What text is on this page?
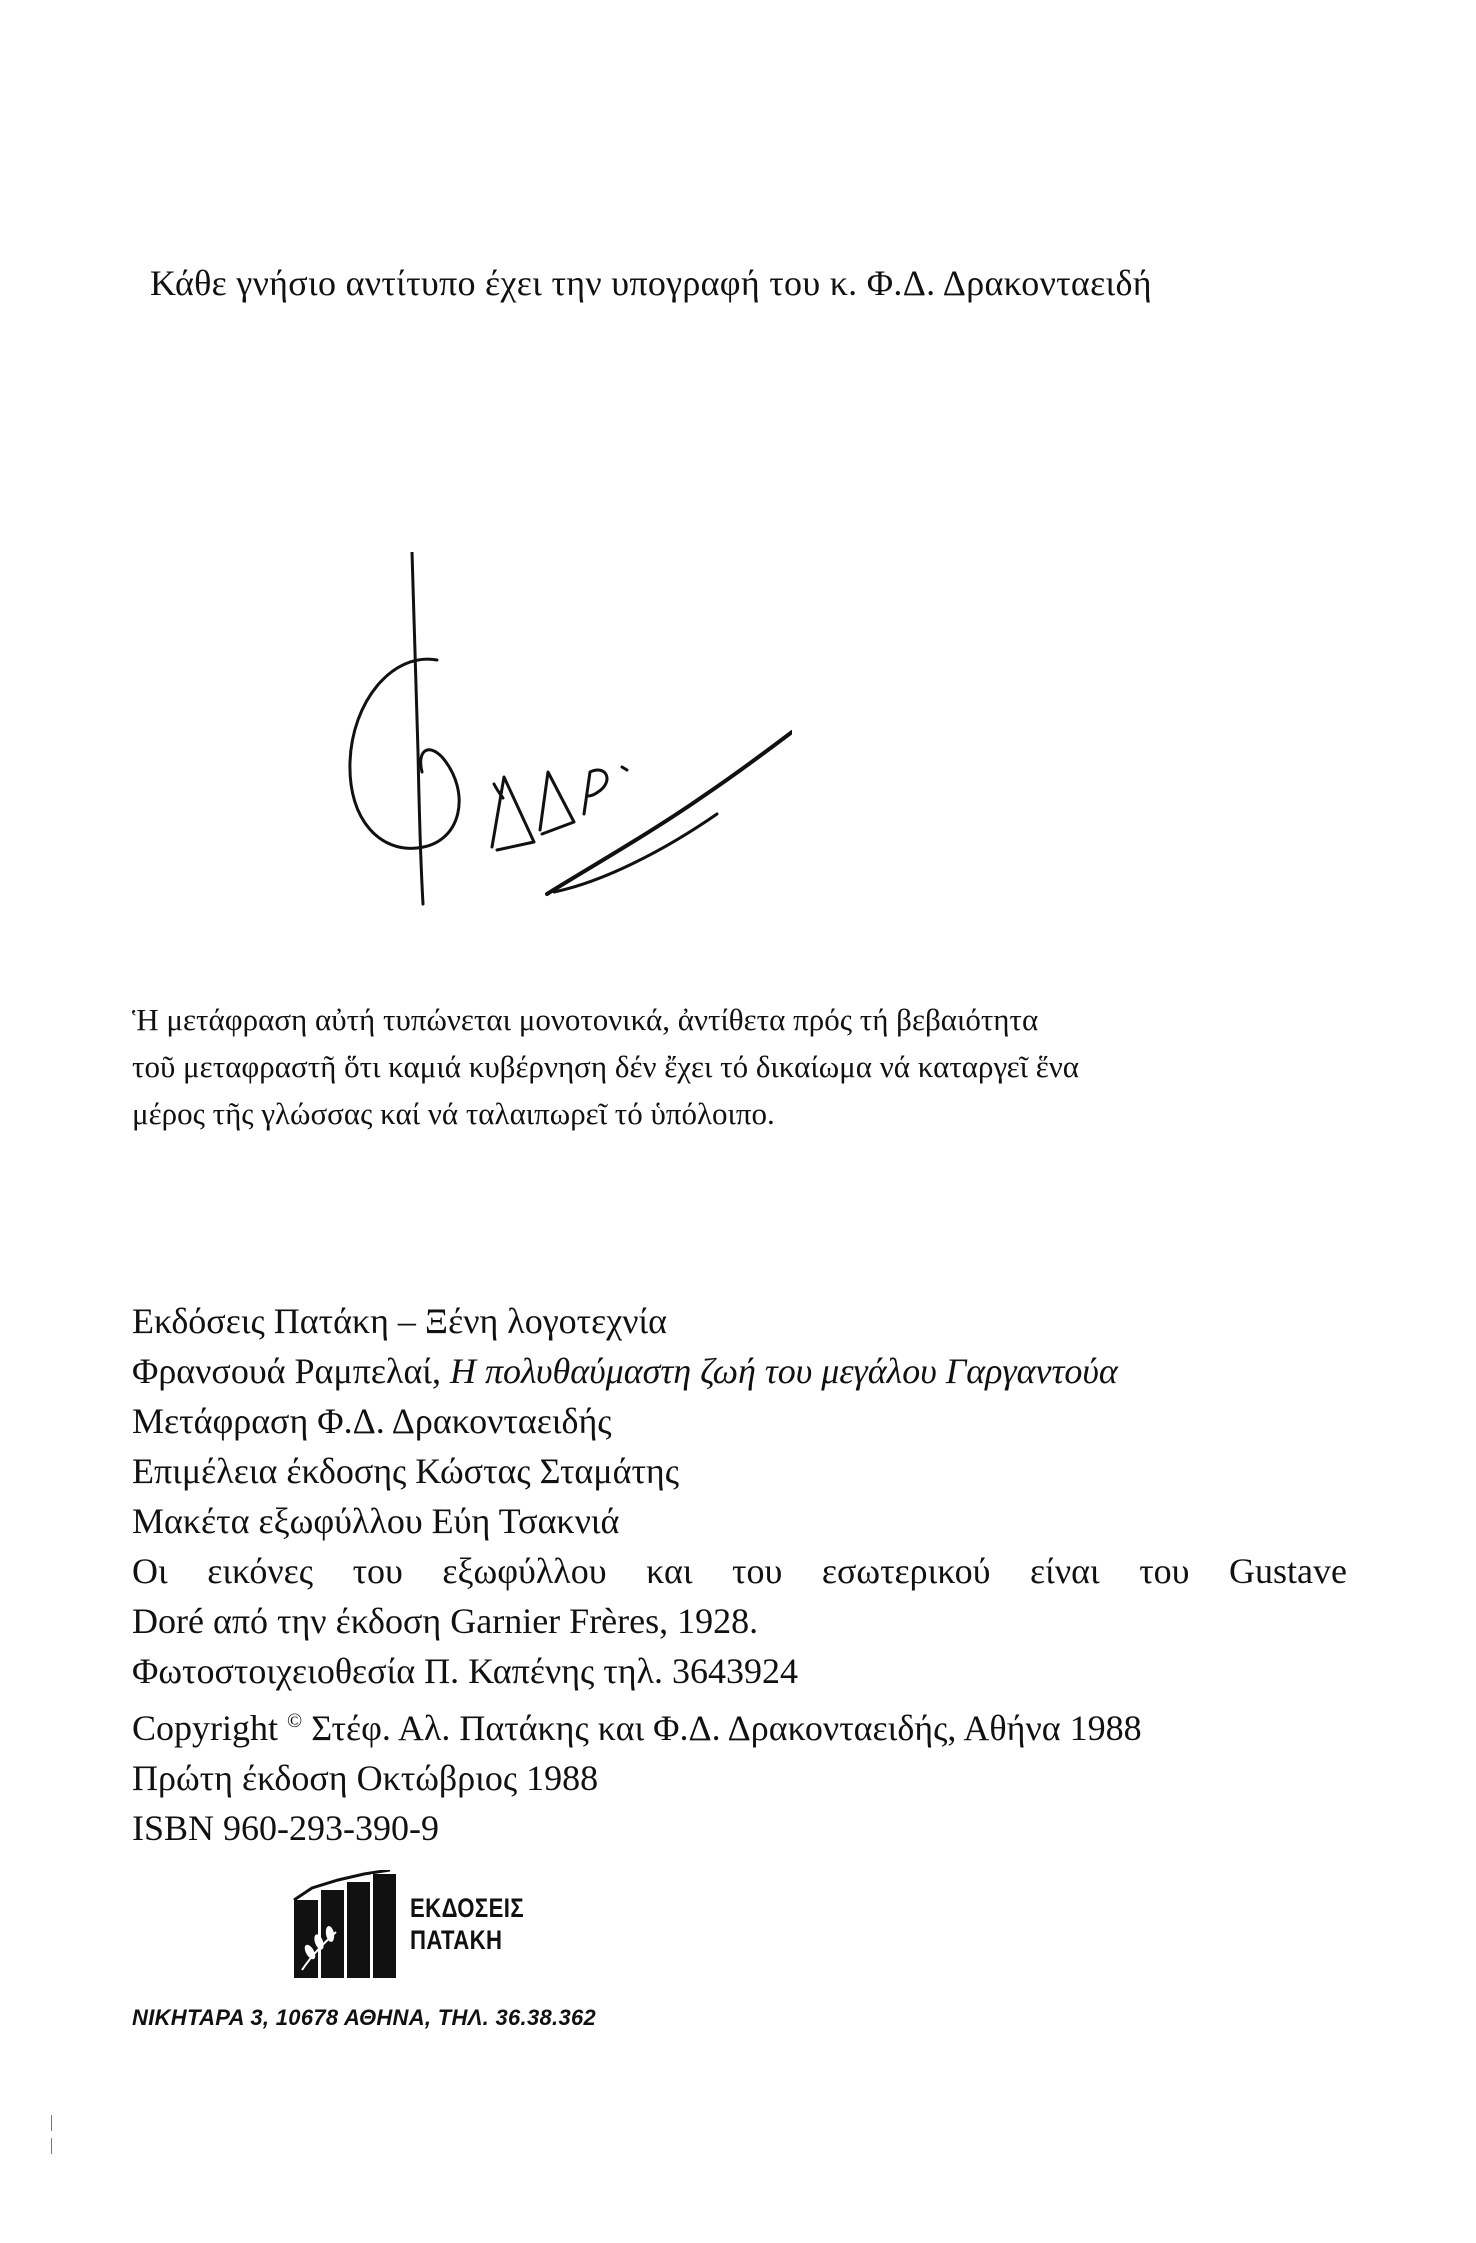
Κάθε γνήσιο αντίτυπο έχει την υπογραφή του κ. Φ.Δ. Δρακονταειδή
Ἡ μετάφραση αὐτή τυπώνεται μονοτονικά, ἀντίθετα πρός τή βεβαιότητα
τοῦ μεταφραστῆ ὅτι καμιά κυβέρνηση δέν ἔχει τό δικαίωμα νά καταργεῖ ἕνα
μέρος τῆς γλώσσας καί νά ταλαιπωρεῖ τό ὑπόλοιπο.
Εκδόσεις Πατάκη – Ξένη λογοτεχνία
Φρανσουά Ραμπελαί, Η πολυθαύμαστη ζωή του μεγάλου Γαργαντούα
Μετάφραση Φ.Δ. Δρακονταειδής
Επιμέλεια έκδοσης Κώστας Σταμάτης
Μακέτα εξωφύλλου Εύη Τσακνιά
Οι εικόνες του εξωφύλλου και του εσωτερικού είναι του Gustave
Doré από την έκδοση Garnier Frères, 1928.
Φωτοστοιχειοθεσία Π. Καπένης τηλ. 3643924
Copyright © Στέφ. Αλ. Πατάκης και Φ.Δ. Δρακονταειδής, Αθήνα 1988
Πρώτη έκδοση Οκτώβριος 1988
ISBN 960-293-390-9
ΕΚΔΟΣΕΙΣ
ΠΑΤΑΚΗ
ΝΙΚΗΤΑΡΑ 3, 10678 ΑΘΗΝΑ, ΤΗΛ. 36.38.362
